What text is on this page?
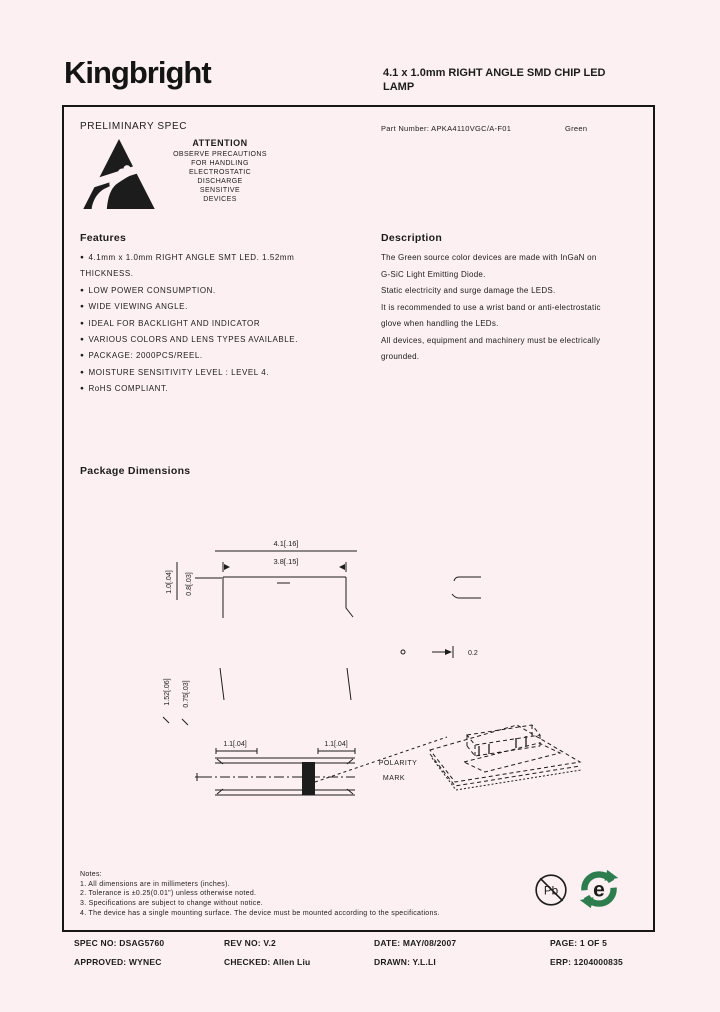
Kingbright	4.1 x 1.0mm RIGHT ANGLE SMD CHIP LED
LAMP
PRELIMINARY SPEC	Part Number: APKA4110VGC/A-F01	Green
ATTENTION
OBSERVE PRECAUTIONS
FOR HANDLING
ELECTROSTATIC
DISCHARGE
SENSITIVE
DEVICES
Features
● 4.1mm x 1.0mm RIGHT ANGLE SMT LED. 1.52mm
THICKNESS.
● LOW POWER CONSUMPTION.
● WIDE VIEWING ANGLE.
● IDEAL FOR BACKLIGHT AND INDICATOR
● VARIOUS COLORS AND LENS TYPES AVAILABLE.
● PACKAGE: 2000PCS/REEL.
● MOISTURE SENSITIVITY LEVEL : LEVEL 4.
● RoHS COMPLIANT.
Description
The Green source color devices are made with InGaN on
G-SiC Light Emitting Diode.
Static electricity and surge damage the LEDS.
It is recommended to use a wrist band or anti-electrostatic
glove when handling the LEDs.
All devices, equipment and machinery must be electrically
grounded.
Package Dimensions
4.1[.16]
3.8[.15]
1.0[.04] 0.8[.03]
1.52[.06] 0.75[.03]
0.2
1.1[.04]	1.1[.04]
POLARITY
MARK
Notes:
1. All dimensions are in millimeters (inches).
2. Tolerance is ±0.25(0.01") unless otherwise noted.
3. Specifications are subject to change without notice.
4. The device has a single mounting surface. The device must be mounted according to the specifications.
Pb e
SPEC NO: DSAG5760	REV NO: V.2	DATE: MAY/08/2007	PAGE: 1 OF 5
APPROVED: WYNEC	CHECKED: Allen Liu	DRAWN: Y.L.LI	ERP: 1204000835
